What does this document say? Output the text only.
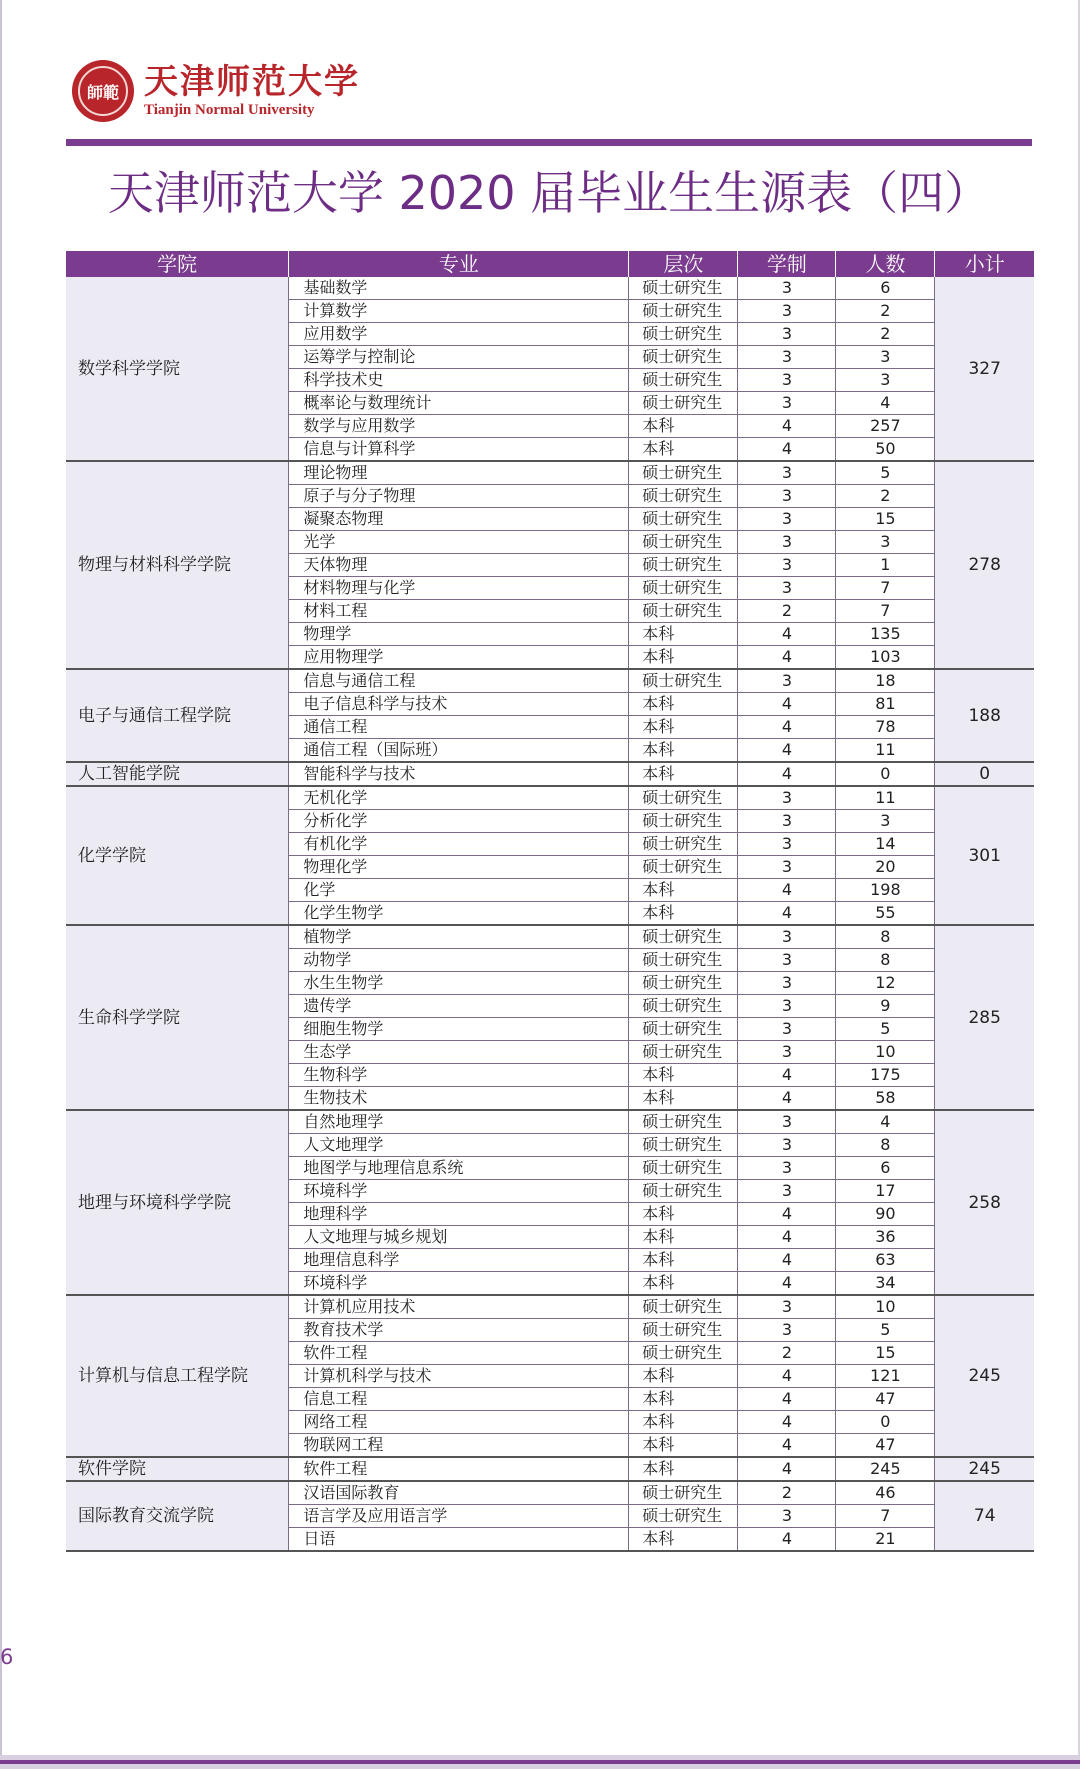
師範 天津师范大学
Tianjin Normal University
天津师范大学 2020 届毕业生生源表（四）
学院	专业	层次	学制	人数	小计
数学科学学院	基础数学	硕士研究生	3	6	327
	计算数学	硕士研究生	3	2	
	应用数学	硕士研究生	3	2	
	运筹学与控制论	硕士研究生	3	3	
	科学技术史	硕士研究生	3	3	
	概率论与数理统计	硕士研究生	3	4	
	数学与应用数学	本科	4	257	
	信息与计算科学	本科	4	50	
物理与材料科学学院	理论物理	硕士研究生	3	5	278
	原子与分子物理	硕士研究生	3	2	
	凝聚态物理	硕士研究生	3	15	
	光学	硕士研究生	3	3	
	天体物理	硕士研究生	3	1	
	材料物理与化学	硕士研究生	3	7	
	材料工程	硕士研究生	2	7	
	物理学	本科	4	135	
	应用物理学	本科	4	103	
电子与通信工程学院	信息与通信工程	硕士研究生	3	18	188
	电子信息科学与技术	本科	4	81	
	通信工程	本科	4	78	
	通信工程（国际班）	本科	4	11	
人工智能学院	智能科学与技术	本科	4	0	0
化学学院	无机化学	硕士研究生	3	11	301
	分析化学	硕士研究生	3	3	
	有机化学	硕士研究生	3	14	
	物理化学	硕士研究生	3	20	
	化学	本科	4	198	
	化学生物学	本科	4	55	
生命科学学院	植物学	硕士研究生	3	8	285
	动物学	硕士研究生	3	8	
	水生生物学	硕士研究生	3	12	
	遗传学	硕士研究生	3	9	
	细胞生物学	硕士研究生	3	5	
	生态学	硕士研究生	3	10	
	生物科学	本科	4	175	
	生物技术	本科	4	58	
地理与环境科学学院	自然地理学	硕士研究生	3	4	258
	人文地理学	硕士研究生	3	8	
	地图学与地理信息系统	硕士研究生	3	6	
	环境科学	硕士研究生	3	17	
	地理科学	本科	4	90	
	人文地理与城乡规划	本科	4	36	
	地理信息科学	本科	4	63	
	环境科学	本科	4	34	
计算机与信息工程学院	计算机应用技术	硕士研究生	3	10	245
	教育技术学	硕士研究生	3	5	
	软件工程	硕士研究生	2	15	
	计算机科学与技术	本科	4	121	
	信息工程	本科	4	47	
	网络工程	本科	4	0	
	物联网工程	本科	4	47	
软件学院	软件工程	本科	4	245	245
国际教育交流学院	汉语国际教育	硕士研究生	2	46	74
	语言学及应用语言学	硕士研究生	3	7	
	日语	本科	4	21	
6
